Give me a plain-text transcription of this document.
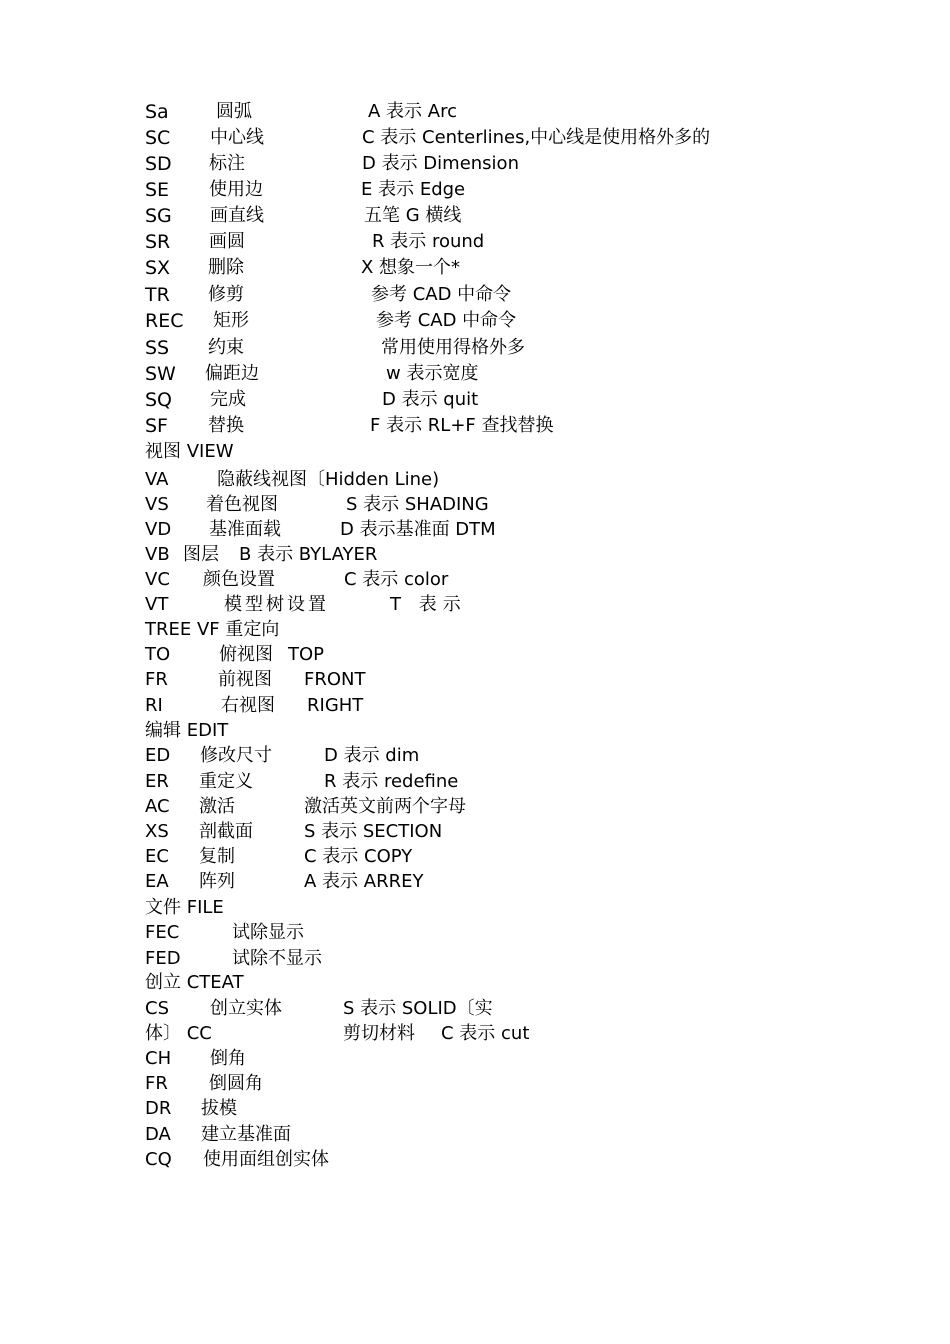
Sa	圆弧	A 表示 Arc
SC 中心线	C 表示 Centerlines,中心线是使用格外多的
SD 标注	D 表示 Dimension
SE 使用边	E 表示 Edge
SG 画直线	五笔 G 横线
SR 画圆	R 表示 round
SX 删除	X 想象一个*
TR 修剪	参考 CAD 中命令
REC 矩形	参考 CAD 中命令
SS 约束	常用使用得格外多
SW 偏距边	w 表示宽度
SQ 完成	D 表示 quit
SF 替换	F 表示 RL+F 查找替换
视图 VIEW
VA	隐蔽线视图〔Hidden Line)
VS 着色视图	S 表示 SHADING
VD 基准面载	D 表示基准面 DTM
VB 图层 B 表示 BYLAYER
VC 颜色设置	C 表示 color
VT	模型树设置	T 表示
TREE VF 重定向
TO	俯视图 TOP
FR	前视图 FRONT
RI	右视图 RIGHT
编辑 EDIT
ED 修改尺寸	D 表示 dim
ER 重定义	R 表示 redefine
AC 激活	激活英文前两个字母
XS 剖截面	S 表示 SECTION
EC 复制	C 表示 COPY
EA 阵列	A 表示 ARREY
文件 FILE
FEC	试除显示
FED	试除不显示
创立 CTEAT
CS 创立实体	S 表示 SOLID〔实
体〕 CC	剪切材料 C 表示 cut
CH 倒角
FR 倒圆角
DR 拔模
DA 建立基准面
CQ 使用面组创实体
